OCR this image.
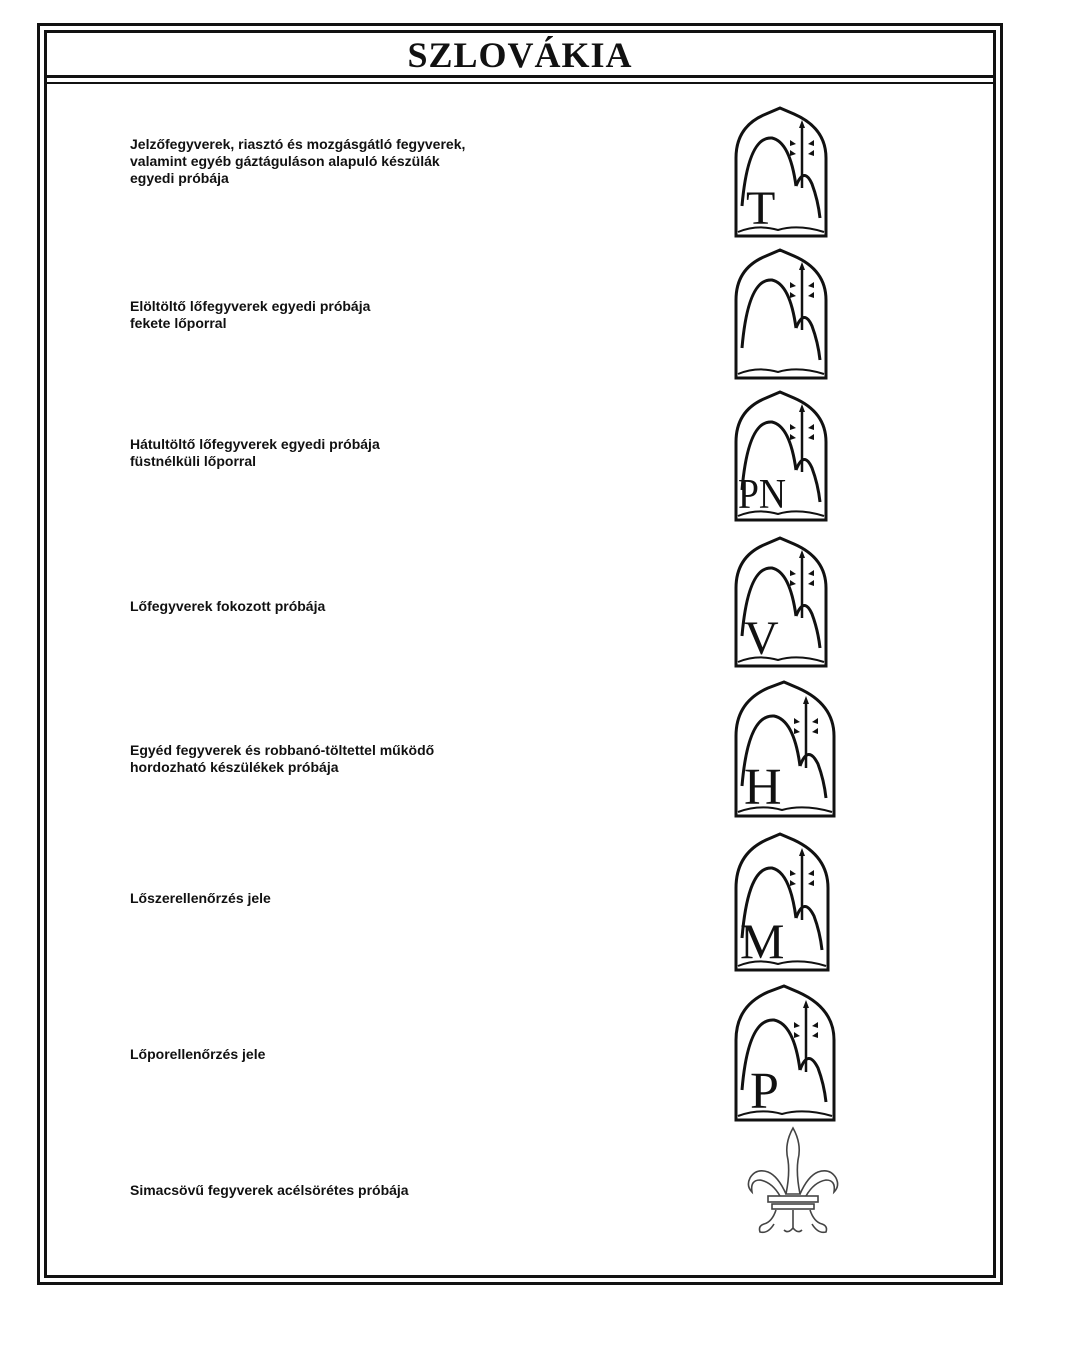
SZLOVÁKIA
Jelzőfegyverek, riasztó és mozgásgátló fegyverek,
valamint egyéb gáztáguláson alapuló készülák
egyedi próbája
T
Elöltöltő lőfegyverek egyedi próbája
fekete lőporral
Hátultöltő lőfegyverek egyedi próbája
füstnélküli lőporral
PN
Lőfegyverek fokozott próbája
V
Egyéd fegyverek és robbanó-töltettel működő
hordozható készülékek próbája	H
Lőszerellenőrzés jele
M
Lőporellenőrzés jele
P
Simacsövű fegyverek acélsörétes próbája
